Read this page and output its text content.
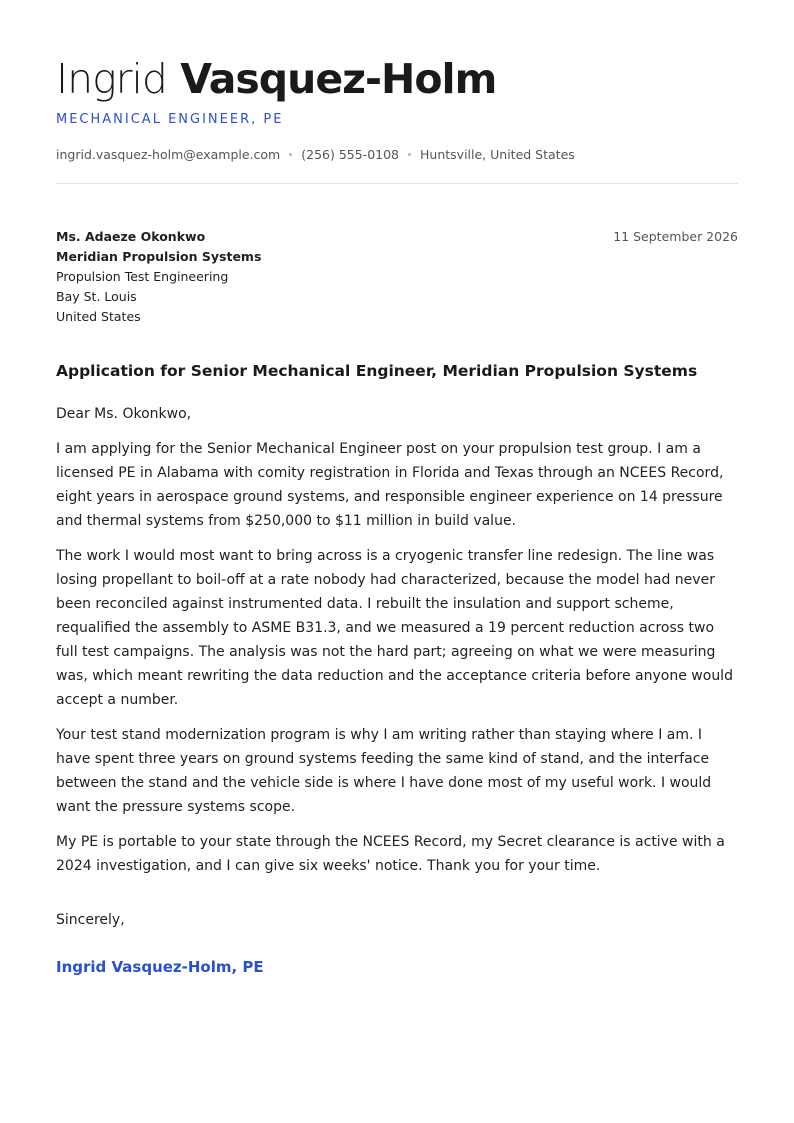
Ingrid Vasquez-Holm
MECHANICAL ENGINEER, PE
ingrid.vasquez-holm@example.com (256) 555-0108 Huntsville, United States
Ms. Adaeze Okonkwo
Meridian Propulsion Systems
Propulsion Test Engineering
Bay St. Louis
United States
11 September 2026
Application for Senior Mechanical Engineer, Meridian Propulsion Systems
Dear Ms. Okonkwo,

I am applying for the Senior Mechanical Engineer post on your propulsion test group. I am a licensed PE in Alabama with comity registration in Florida and Texas through an NCEES Record, eight years in aerospace ground systems, and responsible engineer experience on 14 pressure and thermal systems from $250,000 to $11 million in build value.

The work I would most want to bring across is a cryogenic transfer line redesign. The line was losing propellant to boil-off at a rate nobody had characterized, because the model had never been reconciled against instrumented data. I rebuilt the insulation and support scheme, requalified the assembly to ASME B31.3, and we measured a 19 percent reduction across two full test campaigns. The analysis was not the hard part; agreeing on what we were measuring was, which meant rewriting the data reduction and the acceptance criteria before anyone would accept a number.

Your test stand modernization program is why I am writing rather than staying where I am. I have spent three years on ground systems feeding the same kind of stand, and the interface between the stand and the vehicle side is where I have done most of my useful work. I would want the pressure systems scope.

My PE is portable to your state through the NCEES Record, my Secret clearance is active with a 2024 investigation, and I can give six weeks' notice. Thank you for your time.

Sincerely,
Ingrid Vasquez-Holm, PE
